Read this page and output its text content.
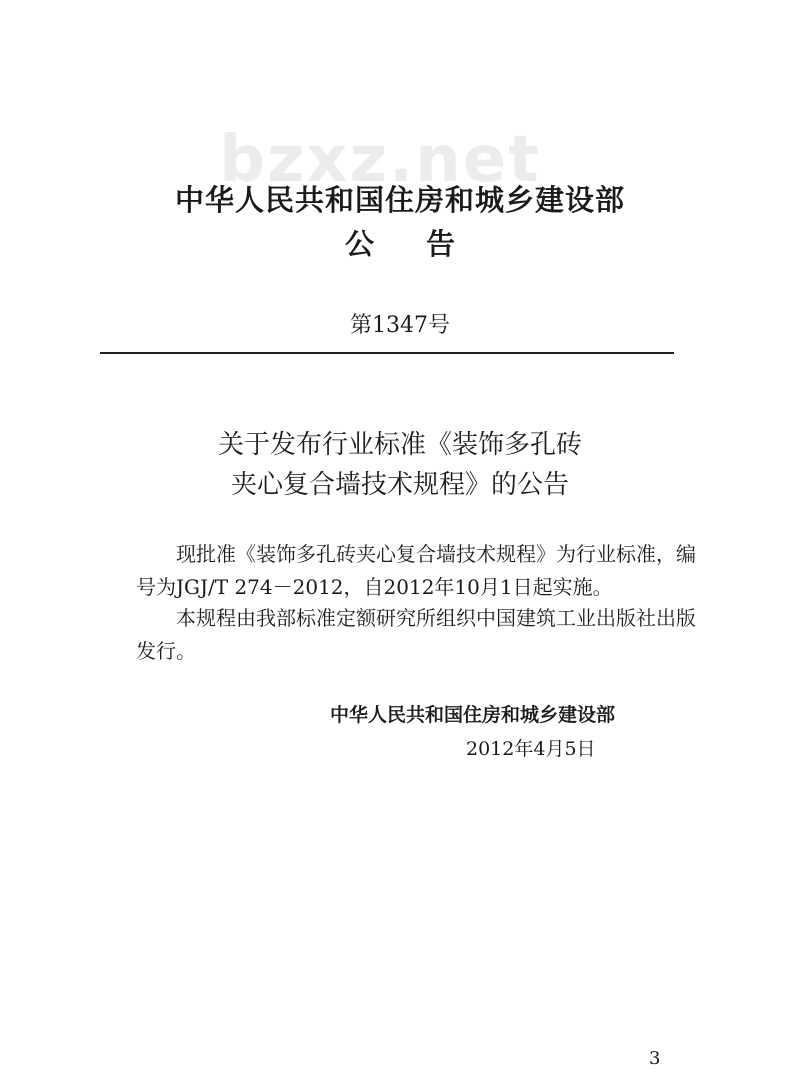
bzxz.net
中华人民共和国住房和城乡建设部
公告
第1347号
关于发布行业标准《装饰多孔砖
夹心复合墙技术规程》的公告
　　现批准《装饰多孔砖夹心复合墙技术规程》为行业标准，编
号为JGJ/T 274－2012，自2012年10月1日起实施。
　　本规程由我部标准定额研究所组织中国建筑工业出版社出版
发行。
中华人民共和国住房和城乡建设部
2012年4月5日
3
